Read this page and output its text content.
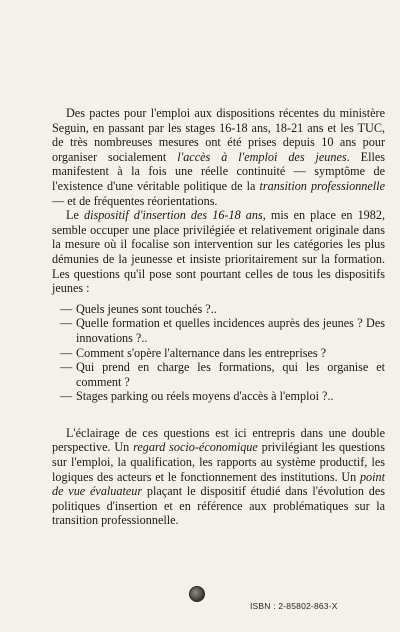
Des pactes pour l'emploi aux dispositions récentes du ministère Seguin, en passant par les stages 16-18 ans, 18-21 ans et les TUC, de très nombreuses mesures ont été prises depuis 10 ans pour organiser socialement l'accès à l'emploi des jeunes. Elles manifestent à la fois une réelle continuité — symptôme de l'existence d'une véritable politique de la transition professionnelle — et de fréquentes réorientations.

Le dispositif d'insertion des 16-18 ans, mis en place en 1982, semble occuper une place privilégiée et relativement originale dans la mesure où il focalise son intervention sur les catégories les plus démunies de la jeunesse et insiste prioritairement sur la formation. Les questions qu'il pose sont pourtant celles de tous les dispositifs jeunes :

— Quels jeunes sont touchés ?..
— Quelle formation et quelles incidences auprès des jeunes ? Des innovations ?..
— Comment s'opère l'alternance dans les entreprises ?
— Qui prend en charge les formations, qui les organise et comment ?
— Stages parking ou réels moyens d'accès à l'emploi ?..

L'éclairage de ces questions est ici entrepris dans une double perspective. Un regard socio-économique privilégiant les questions sur l'emploi, la qualification, les rapports au système productif, les logiques des acteurs et le fonctionnement des institutions. Un point de vue évaluateur plaçant le dispositif étudié dans l'évolution des politiques d'insertion et en référence aux problématiques sur la transition professionnelle.

ISBN : 2-85802-863-X
